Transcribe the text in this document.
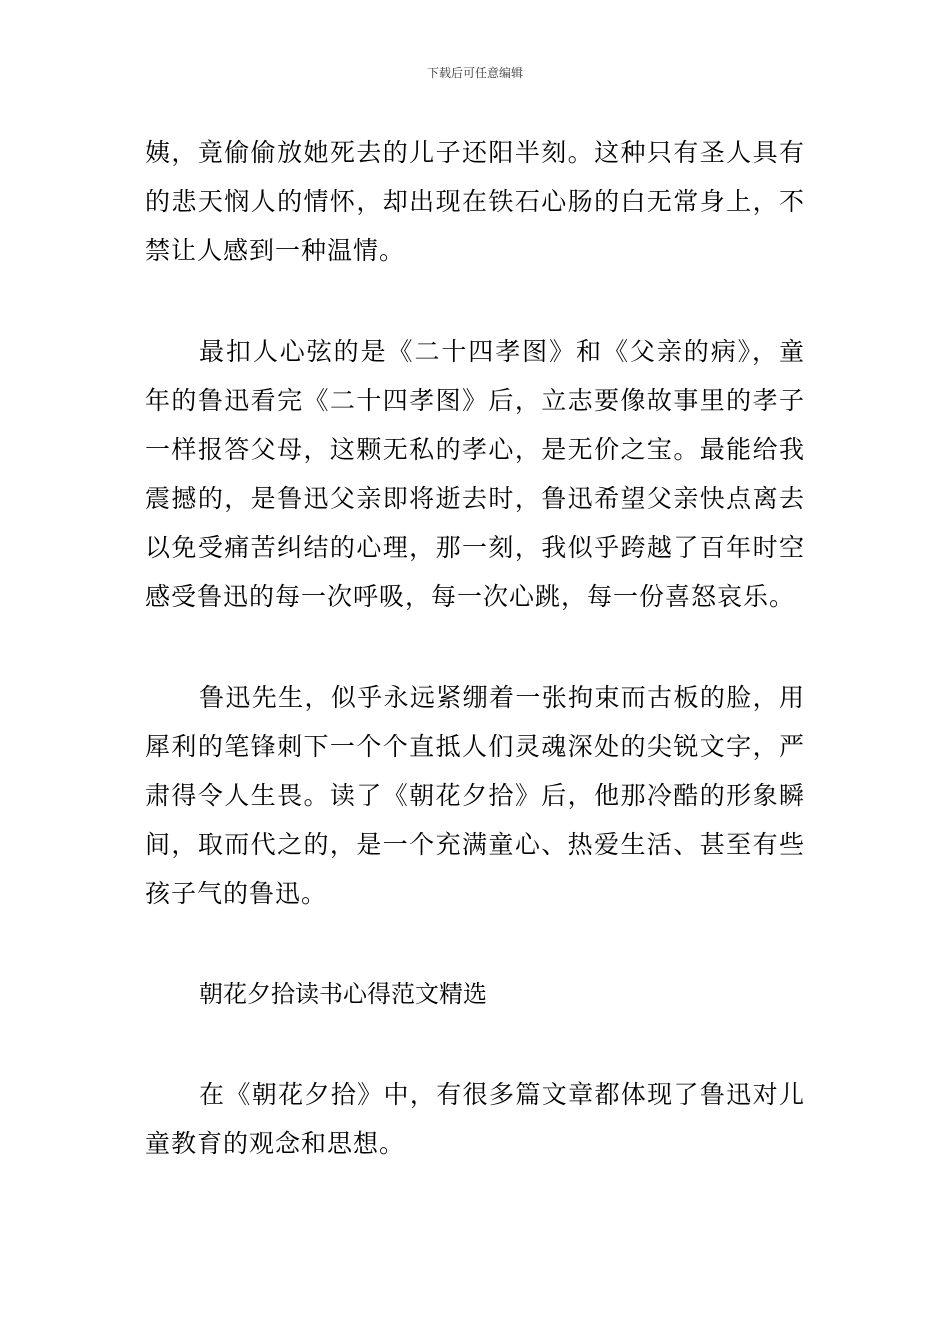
下载后可任意编辑

姨，竟偷偷放她死去的儿子还阳半刻。这种只有圣人具有的悲天悯人的情怀，却出现在铁石心肠的白无常身上，不禁让人感到一种温情。

最扣人心弦的是《二十四孝图》和《父亲的病》，童年的鲁迅看完《二十四孝图》后，立志要像故事里的孝子一样报答父母，这颗无私的孝心，是无价之宝。最能给我震撼的，是鲁迅父亲即将逝去时，鲁迅希望父亲快点离去以免受痛苦纠结的心理，那一刻，我似乎跨越了百年时空感受鲁迅的每一次呼吸，每一次心跳，每一份喜怒哀乐。

鲁迅先生，似乎永远紧绷着一张拘束而古板的脸，用犀利的笔锋刺下一个个直抵人们灵魂深处的尖锐文字，严肃得令人生畏。读了《朝花夕拾》后，他那冷酷的形象瞬间，取而代之的，是一个充满童心、热爱生活、甚至有些孩子气的鲁迅。

朝花夕拾读书心得范文精选

在《朝花夕拾》中，有很多篇文章都体现了鲁迅对儿童教育的观念和思想。
